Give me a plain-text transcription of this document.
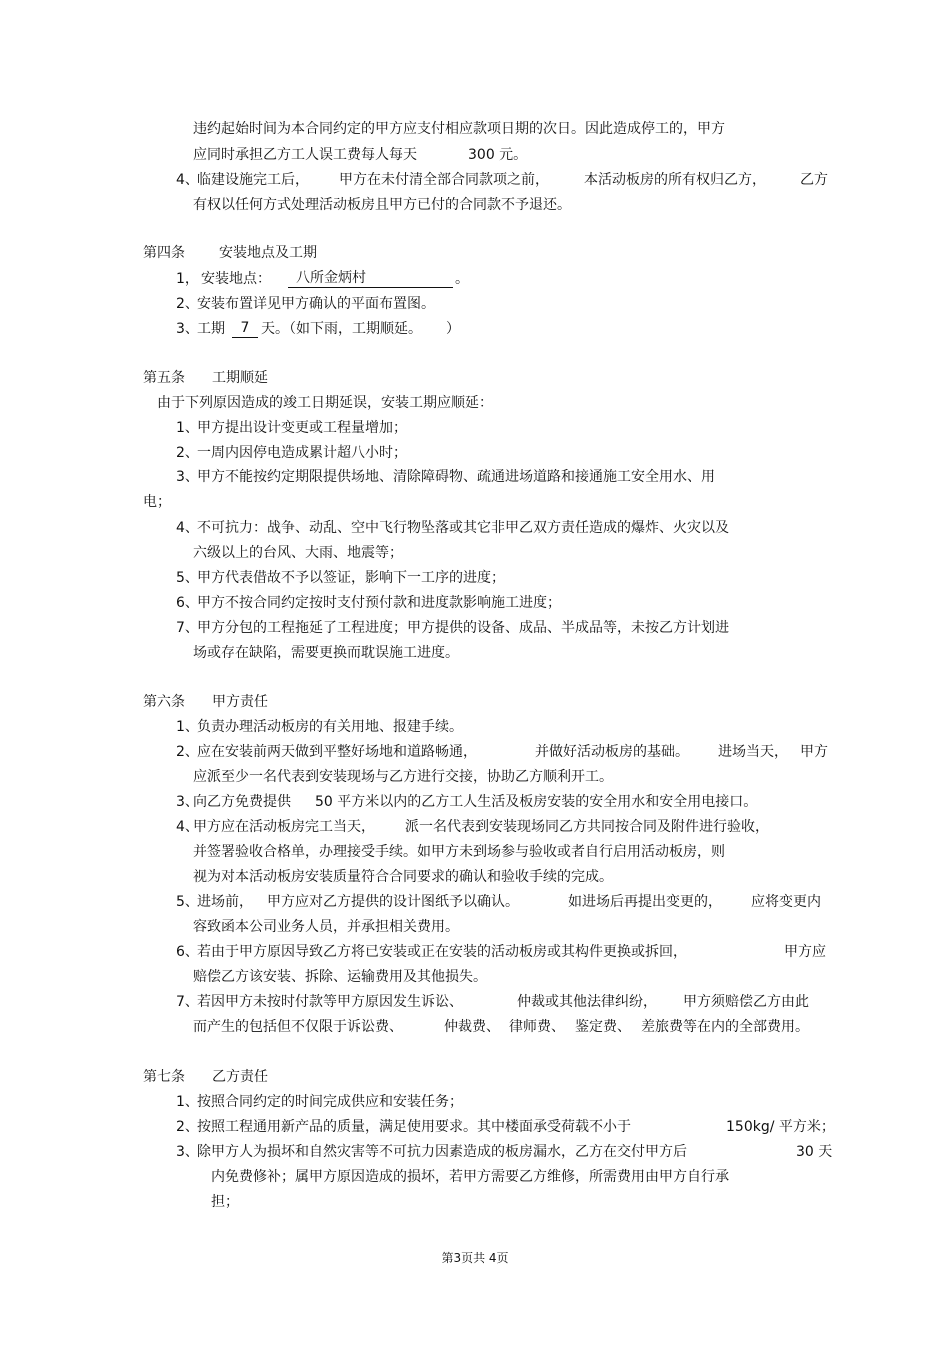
违约起始时间为本合同约定的甲方应支付相应款项日期的次日。因此造成停工的，甲方
应同时承担乙方工人误工费每人每天	300 元。
4、
临建设施完工后， 甲方在未付清全部合同款项之前，	本活动板房的所有权归乙方， 乙方
有权以任何方式处理活动板房且甲方已付的合同款不予退还。
第四条 安装地点及工期
1， 安装地点：	八所金炳村	。
2、
安装布置详见甲方确认的平面布置图。
3、
工期	7 天。（如下雨，工期顺延。 ）
第五条 工期顺延
由于下列原因造成的竣工日期延误，安装工期应顺延：
1、
甲方提出设计变更或工程量增加；
2、
一周内因停电造成累计超八小时；
3、
甲方不能按约定期限提供场地、清除障碍物、疏通进场道路和接通施工安全用水、用
电；
4、
不可抗力：战争、动乱、空中飞行物坠落或其它非甲乙双方责任造成的爆炸、火灾以及
六级以上的台风、大雨、地震等；
5、
甲方代表借故不予以签证，影响下一工序的进度；
6、
甲方不按合同约定按时支付预付款和进度款影响施工进度；
7、
甲方分包的工程拖延了工程进度；甲方提供的设备、成品、半成品等，未按乙方计划进
场或存在缺陷，需要更换而耽误施工进度。
第六条 甲方责任
1、
负责办理活动板房的有关用地、报建手续。
2、
应在安装前两天做到平整好场地和道路畅通，	并做好活动板房的基础。 进场当天， 甲方
应派至少一名代表到安装现场与乙方进行交接，协助乙方顺利开工。
3、
向乙方免费提供 50 平方米以内的乙方工人生活及板房安装的安全用水和安全用电接口。
4、
甲方应在活动板房完工当天， 派一名代表到安装现场同乙方共同按合同及附件进行验收，
并签署验收合格单，办理接受手续。如甲方未到场参与验收或者自行启用活动板房，则
视为对本活动板房安装质量符合合同要求的确认和验收手续的完成。
5、
进场前， 甲方应对乙方提供的设计图纸予以确认。	如进场后再提出变更的， 应将变更内
容致函本公司业务人员，并承担相关费用。
6、
若由于甲方原因导致乙方将已安装或正在安装的活动板房或其构件更换或拆回，	甲方应
赔偿乙方该安装、拆除、运输费用及其他损失。
7、
若因甲方未按时付款等甲方原因发生诉讼、	仲裁或其他法律纠纷， 甲方须赔偿乙方由此
而产生的包括但不仅限于诉讼费、	仲裁费、 律师费、 鉴定费、 差旅费等在内的全部费用。
第七条 乙方责任
1、
按照合同约定的时间完成供应和安装任务；
2、
按照工程通用新产品的质量，满足使用要求。其中楼面承受荷载不小于	150kg/ 平方米；
3、
除甲方人为损坏和自然灾害等不可抗力因素造成的板房漏水，乙方在交付甲方后	30 天
内免费修补；属甲方原因造成的损坏，若甲方需要乙方维修，所需费用由甲方自行承
担；
第3页共 4页
